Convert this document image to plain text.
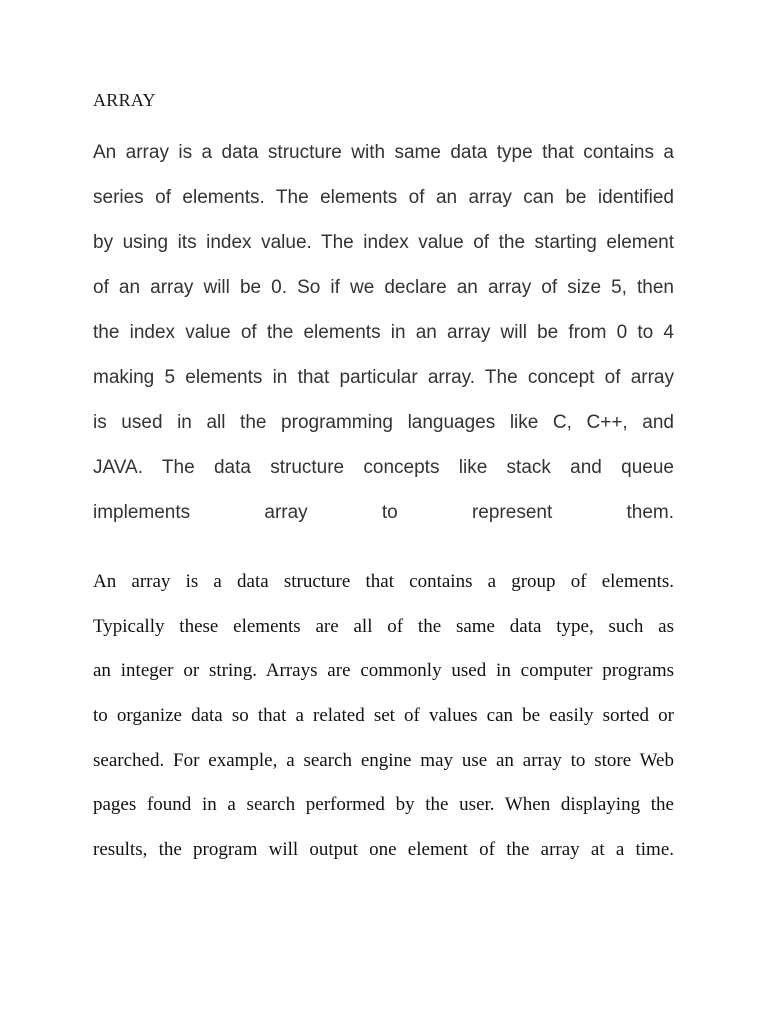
ARRAY

An array is a data structure with same data type that contains a
series of elements. The elements of an array can be identified
by using its index value. The index value of the starting element
of an array will be 0. So if we declare an array of size 5, then
the index value of the elements in an array will be from 0 to 4
making 5 elements in that particular array. The concept of array
is used in all the programming languages like C, C++, and
JAVA. The data structure concepts like stack and queue
implements array to represent them.

An array is a data structure that contains a group of elements.
Typically these elements are all of the same data type, such as
an integer or string. Arrays are commonly used in computer programs
to organize data so that a related set of values can be easily sorted or
searched. For example, a search engine may use an array to store Web
pages found in a search performed by the user. When displaying the
results, the program will output one element of the array at a time.
